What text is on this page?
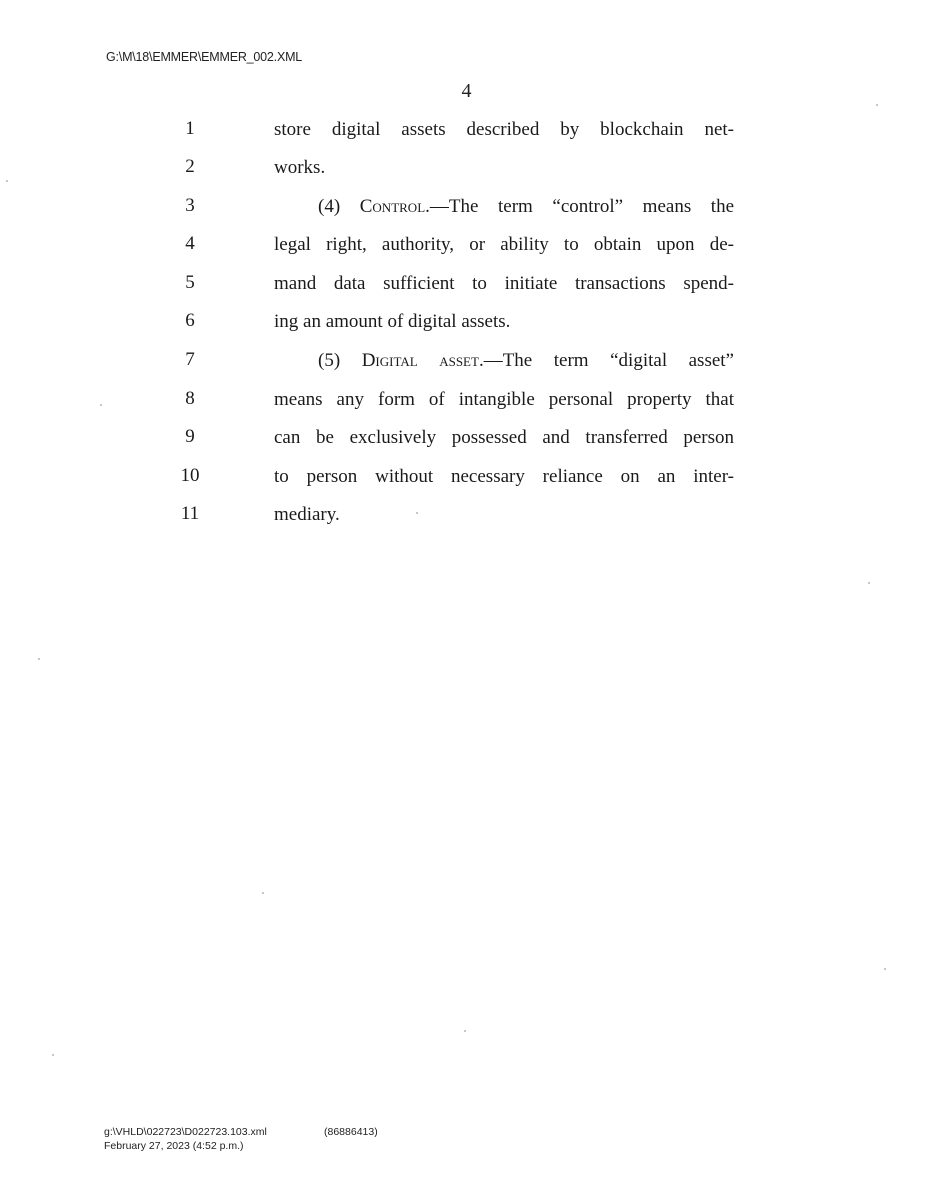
G:\M\18\EMMER\EMMER_002.XML
4
1	store digital assets described by blockchain net-
2	works.
3	(4) Control.—The term “control” means the
4	legal right, authority, or ability to obtain upon de-
5	mand data sufficient to initiate transactions spend-
6	ing an amount of digital assets.
7	(5) Digital asset.—The term “digital asset”
8	means any form of intangible personal property that
9	can be exclusively possessed and transferred person
10	to person without necessary reliance on an inter-
11	mediary.
g:\VHLD\022723\D022723.103.xml	(86886413)
February 27, 2023 (4:52 p.m.)
